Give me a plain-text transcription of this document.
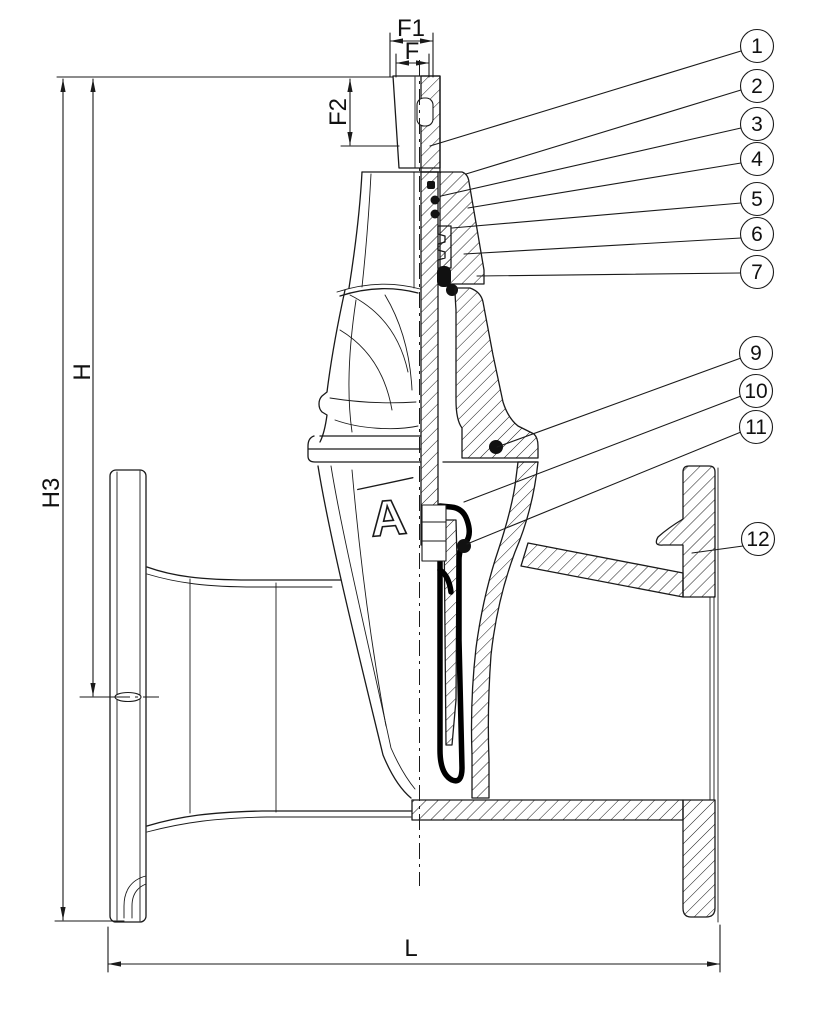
A
F1
F
F2
H
H3
L
1
2
3
4
5
6
7
9
10
11
12
